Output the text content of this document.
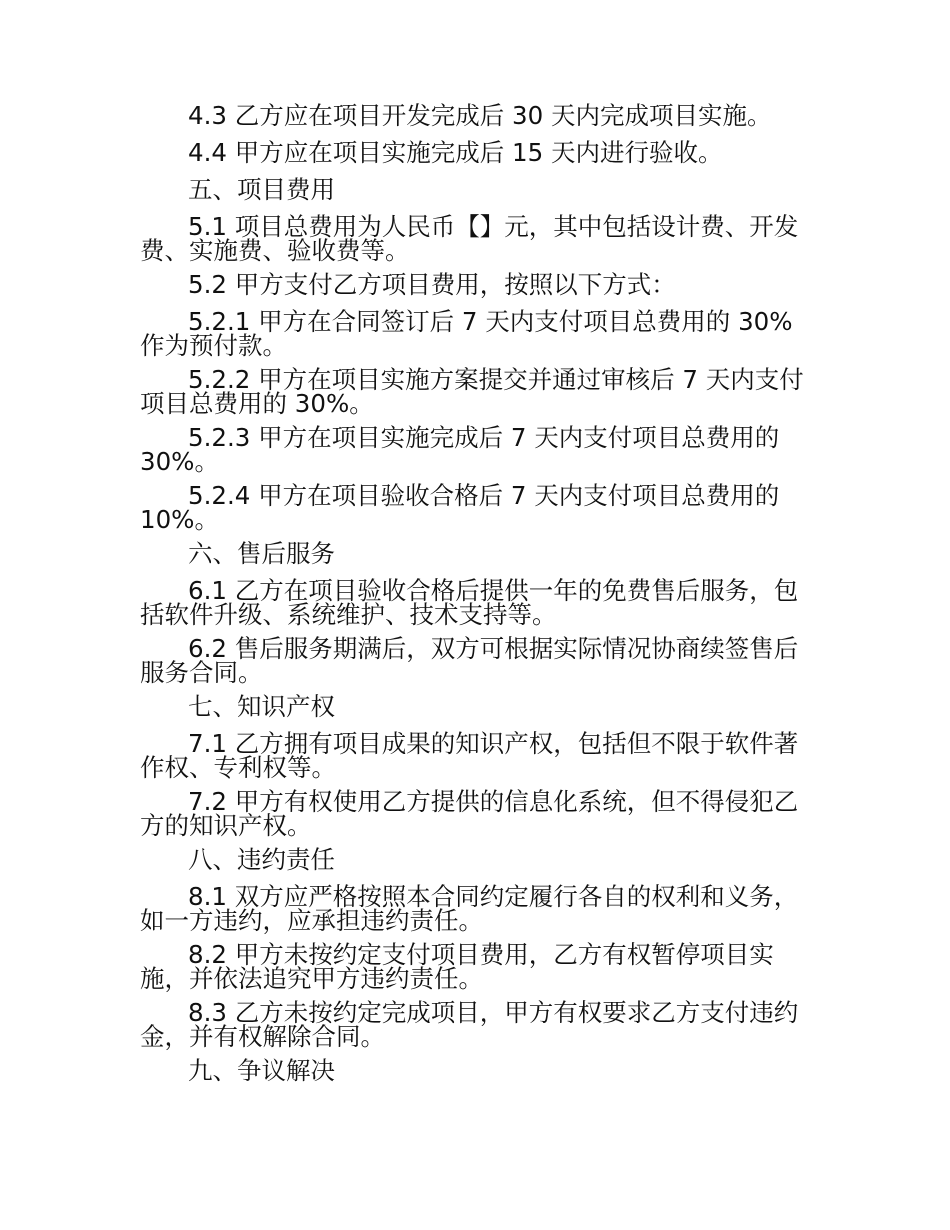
4.3 乙方应在项目开发完成后 30 天内完成项目实施。

4.4 甲方应在项目实施完成后 15 天内进行验收。

五、项目费用

5.1 项目总费用为人民币【】元，其中包括设计费、开发费、实施费、验收费等。

5.2 甲方支付乙方项目费用，按照以下方式：

5.2.1 甲方在合同签订后 7 天内支付项目总费用的 30%作为预付款。

5.2.2 甲方在项目实施方案提交并通过审核后 7 天内支付项目总费用的 30%。

5.2.3 甲方在项目实施完成后 7 天内支付项目总费用的 30%。

5.2.4 甲方在项目验收合格后 7 天内支付项目总费用的 10%。

六、售后服务

6.1 乙方在项目验收合格后提供一年的免费售后服务，包括软件升级、系统维护、技术支持等。

6.2 售后服务期满后，双方可根据实际情况协商续签售后服务合同。

七、知识产权

7.1 乙方拥有项目成果的知识产权，包括但不限于软件著作权、专利权等。

7.2 甲方有权使用乙方提供的信息化系统，但不得侵犯乙方的知识产权。

八、违约责任

8.1 双方应严格按照本合同约定履行各自的权利和义务，如一方违约，应承担违约责任。

8.2 甲方未按约定支付项目费用，乙方有权暂停项目实施，并依法追究甲方违约责任。

8.3 乙方未按约定完成项目，甲方有权要求乙方支付违约金，并有权解除合同。

九、争议解决
